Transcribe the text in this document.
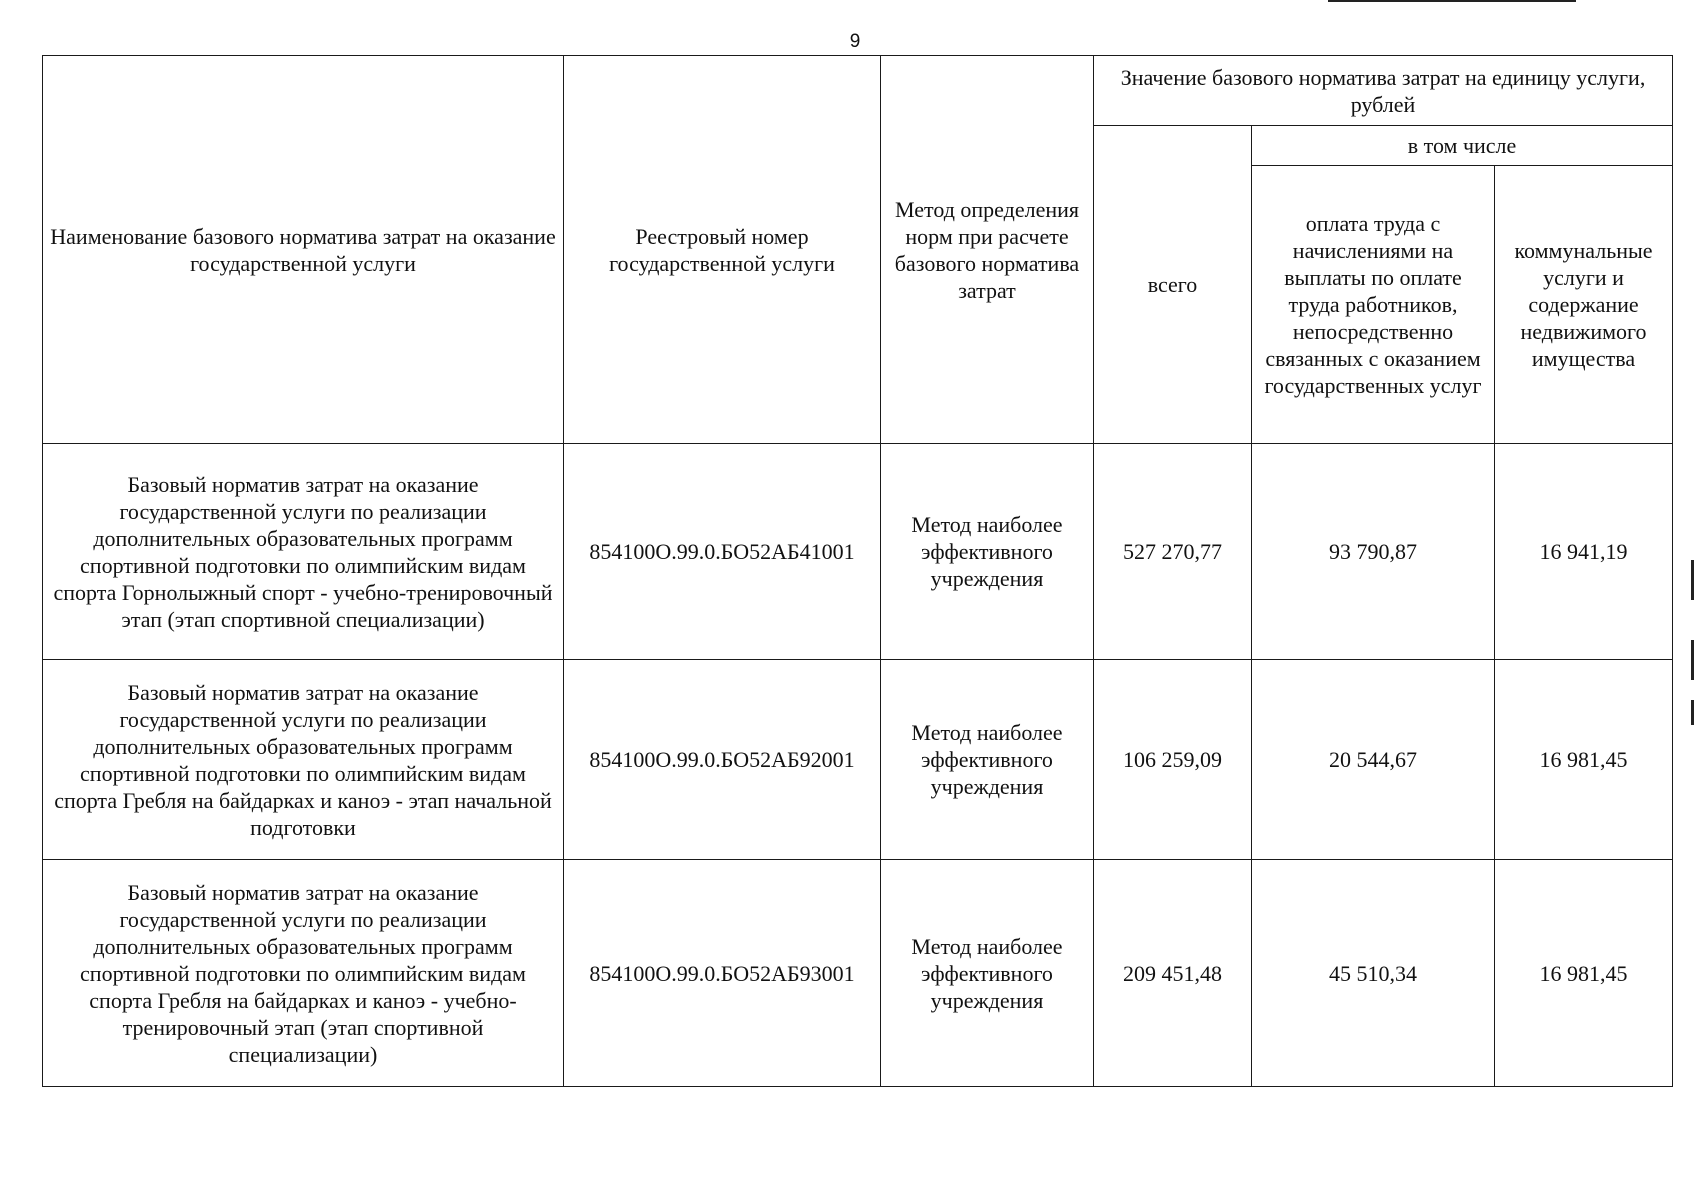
9
Наименование базового норматива затрат на оказание государственной услуги	Реестровый номер государственной услуги	Метод определения норм при расчете базового норматива затрат	Значение базового норматива затрат на единицу услуги, рублей		
			всего	в том числе	
				оплата труда с начислениями на выплаты по оплате труда работников, непосредственно связанных с оказанием государственных услуг	коммунальные услуги и содержание недвижимого имущества
Базовый норматив затрат на оказание государственной услуги по реализации дополнительных образовательных программ спортивной подготовки по олимпийским видам спорта Горнолыжный спорт - учебно-тренировочный этап (этап спортивной специализации)	854100О.99.0.БО52АБ41001	Метод наиболее эффективного учреждения	527 270,77	93 790,87	16 941,19
Базовый норматив затрат на оказание государственной услуги по реализации дополнительных образовательных программ спортивной подготовки по олимпийским видам спорта Гребля на байдарках и каноэ - этап начальной подготовки	854100О.99.0.БО52АБ92001	Метод наиболее эффективного учреждения	106 259,09	20 544,67	16 981,45
Базовый норматив затрат на оказание государственной услуги по реализации дополнительных образовательных программ спортивной подготовки по олимпийским видам спорта Гребля на байдарках и каноэ - учебно-тренировочный этап (этап спортивной специализации)	854100О.99.0.БО52АБ93001	Метод наиболее эффективного учреждения	209 451,48	45 510,34	16 981,45
